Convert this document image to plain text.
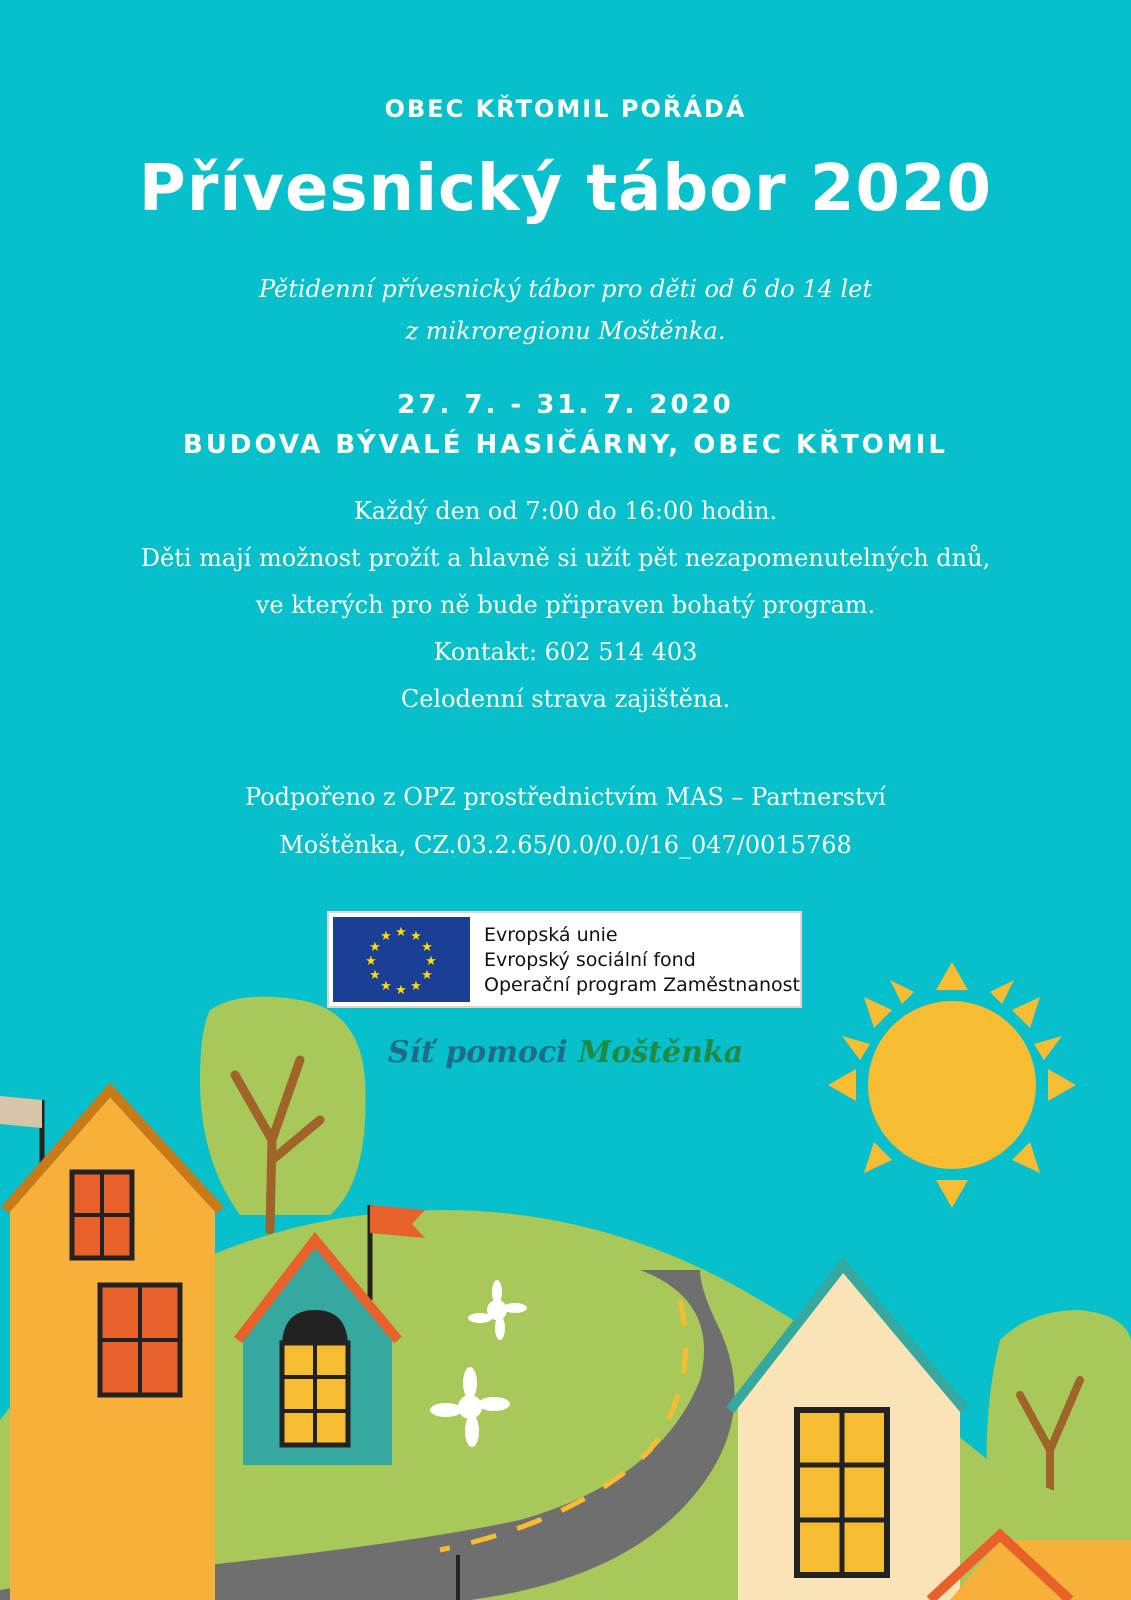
OBEC KŘTOMIL POŘÁDÁ
Přívesnický tábor 2020
Pětidenní přívesnický tábor pro děti od 6 do 14 let
z mikroregionu Moštěnka.
27. 7. - 31. 7. 2020
BUDOVA BÝVALÉ HASIČÁRNY, OBEC KŘTOMIL
Každý den od 7:00 do 16:00 hodin.
Děti mají možnost prožít a hlavně si užít pět nezapomenutelných dnů,
ve kterých pro ně bude připraven bohatý program.
Kontakt: 602 514 403
Celodenní strava zajištěna.
Podpořeno z OPZ prostřednictvím MAS – Partnerství
Moštěnka, CZ.03.2.65/0.0/0.0/16_047/0015768
★ ★
★
★
★
★
★
★
★
★
★
★	Evropská unie
Evropský sociální fond
Operační program Zaměstnanost
Síť pomoci Moštěnka
